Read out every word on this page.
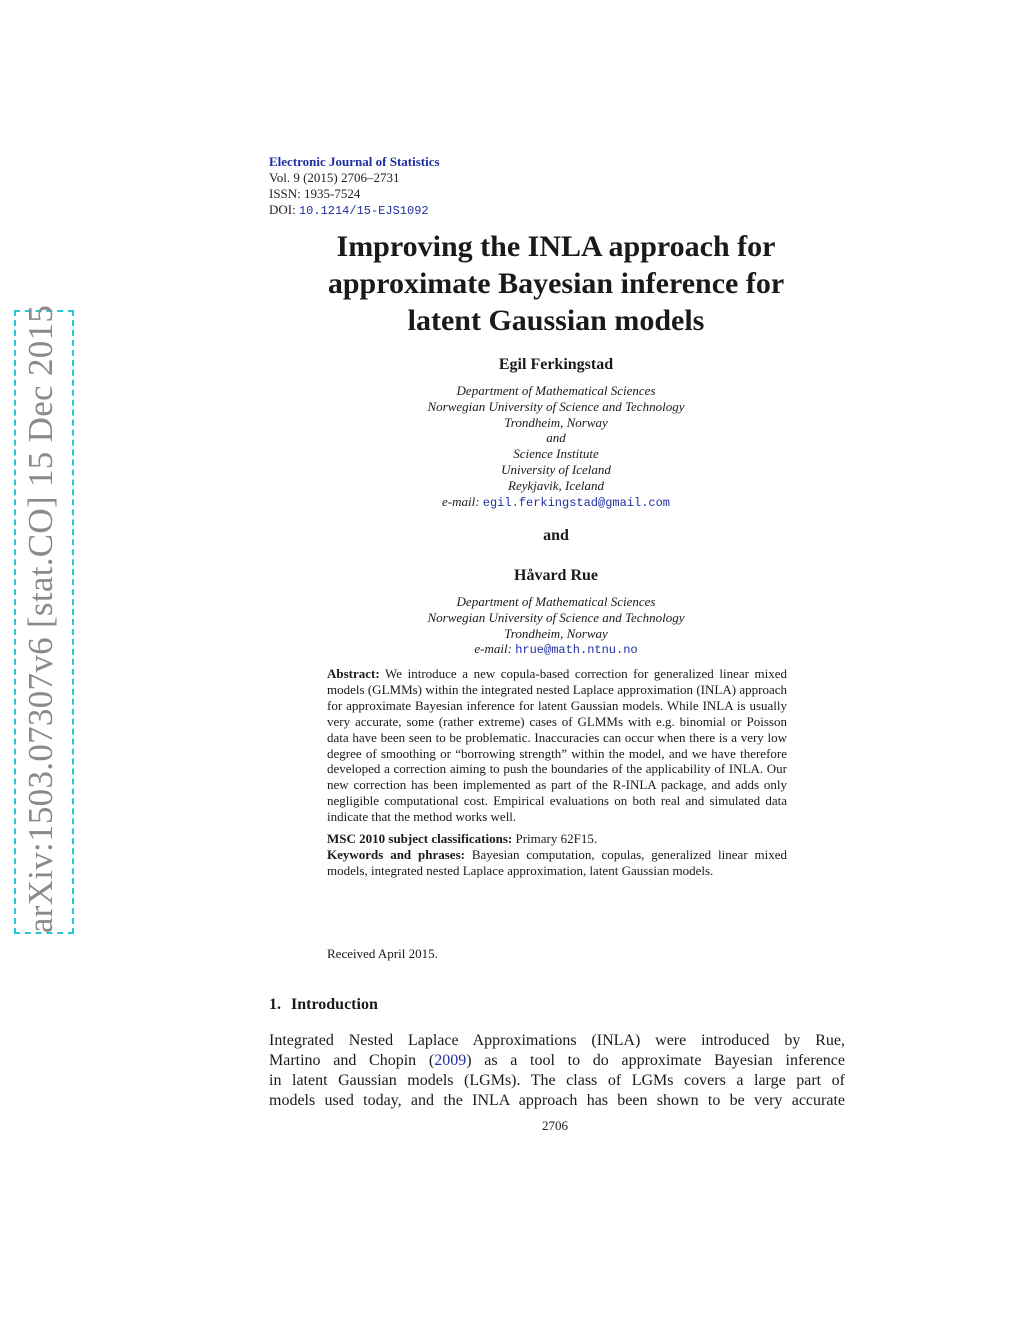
arXiv:1503.07307v6 [stat.CO] 15 Dec 2015
Electronic Journal of Statistics
Vol. 9 (2015) 2706–2731
ISSN: 1935-7524
DOI: 10.1214/15-EJS1092
Improving the INLA approach for
approximate Bayesian inference for
latent Gaussian models
Egil Ferkingstad
Department of Mathematical Sciences
Norwegian University of Science and Technology
Trondheim, Norway
and
Science Institute
University of Iceland
Reykjavik, Iceland
e-mail: egil.ferkingstad@gmail.com
and
Håvard Rue
Department of Mathematical Sciences
Norwegian University of Science and Technology
Trondheim, Norway
e-mail: hrue@math.ntnu.no

Abstract: We introduce a new copula-based correction for generalized linear mixed models (GLMMs) within the integrated nested Laplace approximation (INLA) approach for approximate Bayesian inference for latent Gaussian models. While INLA is usually very accurate, some (rather extreme) cases of GLMMs with e.g. binomial or Poisson data have been seen to be problematic. Inaccuracies can occur when there is a very low degree of smoothing or “borrowing strength” within the model, and we have therefore developed a correction aiming to push the boundaries of the applicability of INLA. Our new correction has been implemented as part of the R-INLA package, and adds only negligible computational cost. Empirical evaluations on both real and simulated data indicate that the method works well.

MSC 2010 subject classifications: Primary 62F15.

Keywords and phrases: Bayesian computation, copulas, generalized linear mixed models, integrated nested Laplace approximation, latent Gaussian models.

Received April 2015.
1. Introduction
Integrated Nested Laplace Approximations (INLA) were introduced by Rue,
Martino and Chopin (2009) as a tool to do approximate Bayesian inference
in latent Gaussian models (LGMs). The class of LGMs covers a large part of
models used today, and the INLA approach has been shown to be very accurate
2706
